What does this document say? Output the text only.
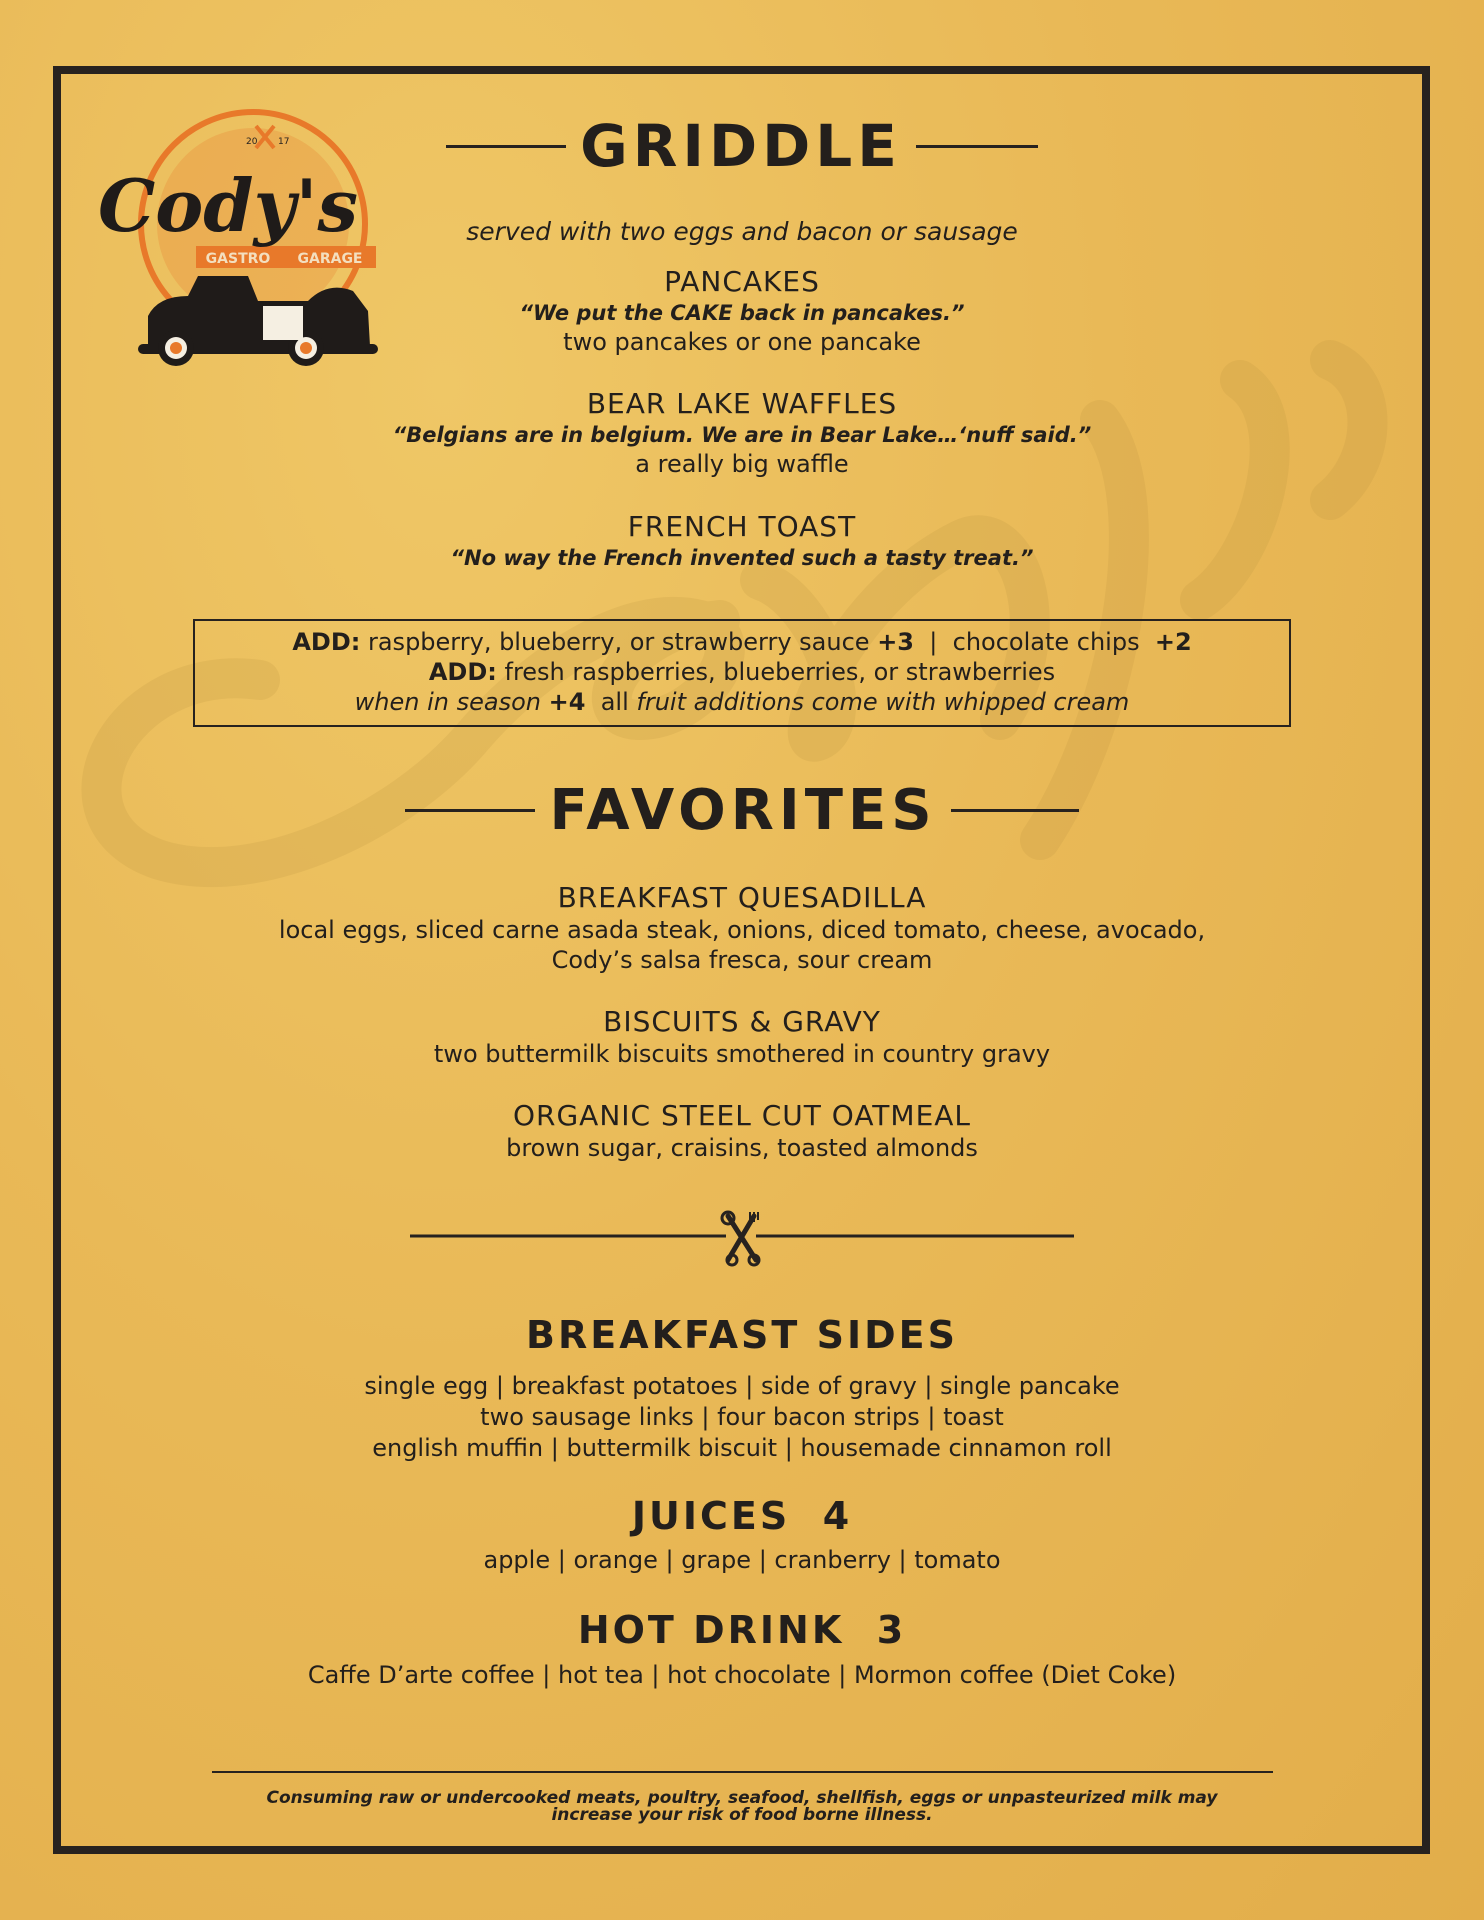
GASTRO GARAGE
20 17
Cody's
GRIDDLE
served with two eggs and bacon or sausage
PANCAKES
“We put the CAKE back in pancakes.”
two pancakes or one pancake
BEAR LAKE WAFFLES
“Belgians are in belgium. We are in Bear Lake…‘nuff said.”
a really big waffle
FRENCH TOAST
“No way the French invented such a tasty treat.”
ADD: raspberry, blueberry, or strawberry sauce +3 | chocolate chips +2
ADD: fresh raspberries, blueberries, or strawberries
when in season +4 all fruit additions come with whipped cream
FAVORITES
BREAKFAST QUESADILLA
local eggs, sliced carne asada steak, onions, diced tomato, cheese, avocado,
Cody’s salsa fresca, sour cream
BISCUITS & GRAVY
two buttermilk biscuits smothered in country gravy
ORGANIC STEEL CUT OATMEAL
brown sugar, craisins, toasted almonds
BREAKFAST SIDES
single egg | breakfast potatoes | side of gravy | single pancake
two sausage links | four bacon strips | toast
english muffin | buttermilk biscuit | housemade cinnamon roll
JUICES 4
apple | orange | grape | cranberry | tomato
HOT DRINK 3
Caffe D’arte coffee | hot tea | hot chocolate | Mormon coffee (Diet Coke)
Consuming raw or undercooked meats, poultry, seafood, shellfish, eggs or unpasteurized milk may
increase your risk of food borne illness.
